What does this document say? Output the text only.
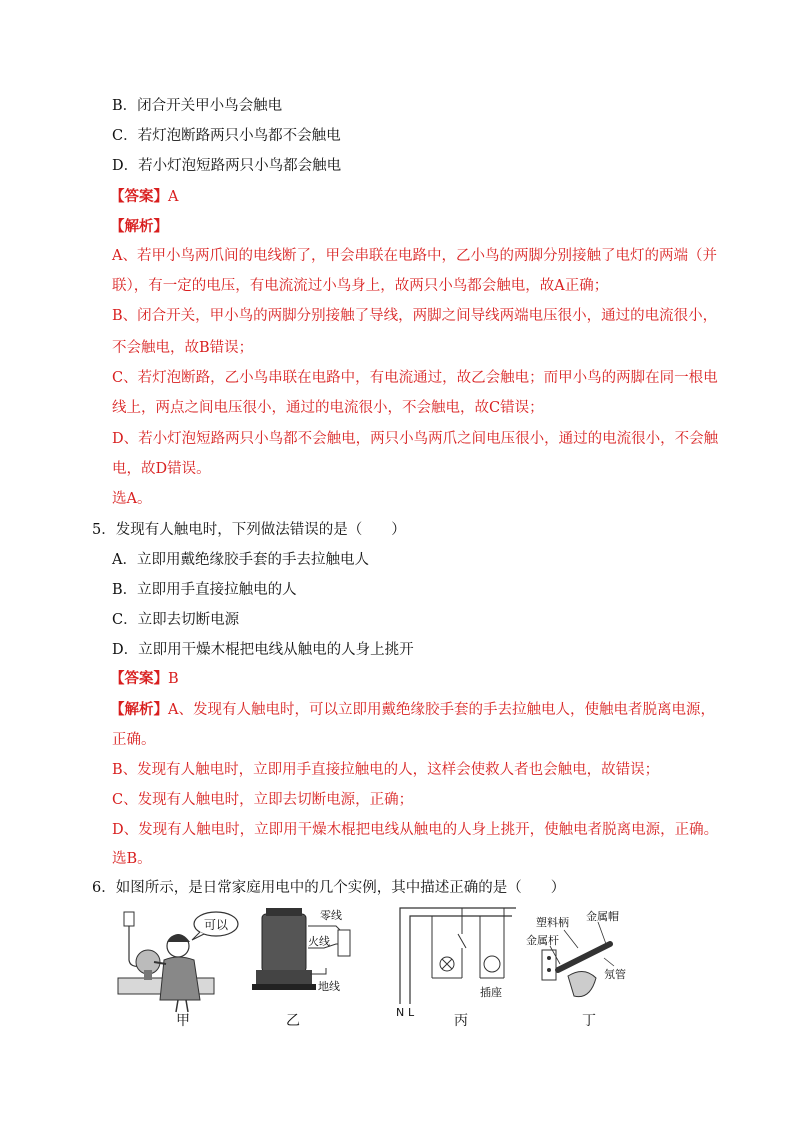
B．闭合开关甲小鸟会触电
C．若灯泡断路两只小鸟都不会触电
D．若小灯泡短路两只小鸟都会触电
【答案】A
【解析】
A、若甲小鸟两爪间的电线断了，甲会串联在电路中，乙小鸟的两脚分别接触了电灯的两端（并
联），有一定的电压，有电流流过小鸟身上，故两只小鸟都会触电，故A正确；
B、闭合开关，甲小鸟的两脚分别接触了导线，两脚之间导线两端电压很小，通过的电流很小，
不会触电，故B错误；
C、若灯泡断路，乙小鸟串联在电路中，有电流通过，故乙会触电；而甲小鸟的两脚在同一根电
线上，两点之间电压很小，通过的电流很小，不会触电，故C错误；
D、若小灯泡短路两只小鸟都不会触电，两只小鸟两爪之间电压很小，通过的电流很小，不会触
电，故D错误。
选A。
5．发现有人触电时，下列做法错误的是（　　）
A．立即用戴绝缘胶手套的手去拉触电人
B．立即用手直接拉触电的人
C．立即去切断电源
D．立即用干燥木棍把电线从触电的人身上挑开
【答案】B
【解析】A、发现有人触电时，可以立即用戴绝缘胶手套的手去拉触电人，使触电者脱离电源，
正确。
B、发现有人触电时，立即用手直接拉触电的人，这样会使救人者也会触电，故错误；
C、发现有人触电时，立即去切断电源，正确；
D、发现有人触电时，立即用干燥木棍把电线从触电的人身上挑开，使触电者脱离电源，正确。
选B。
6．如图所示，是日常家庭用电中的几个实例，其中描述正确的是（　　）
可以
零线
火线
地线
N L
插座
塑料柄 金属帽
金属杆
氖管
甲	乙	丙	丁
